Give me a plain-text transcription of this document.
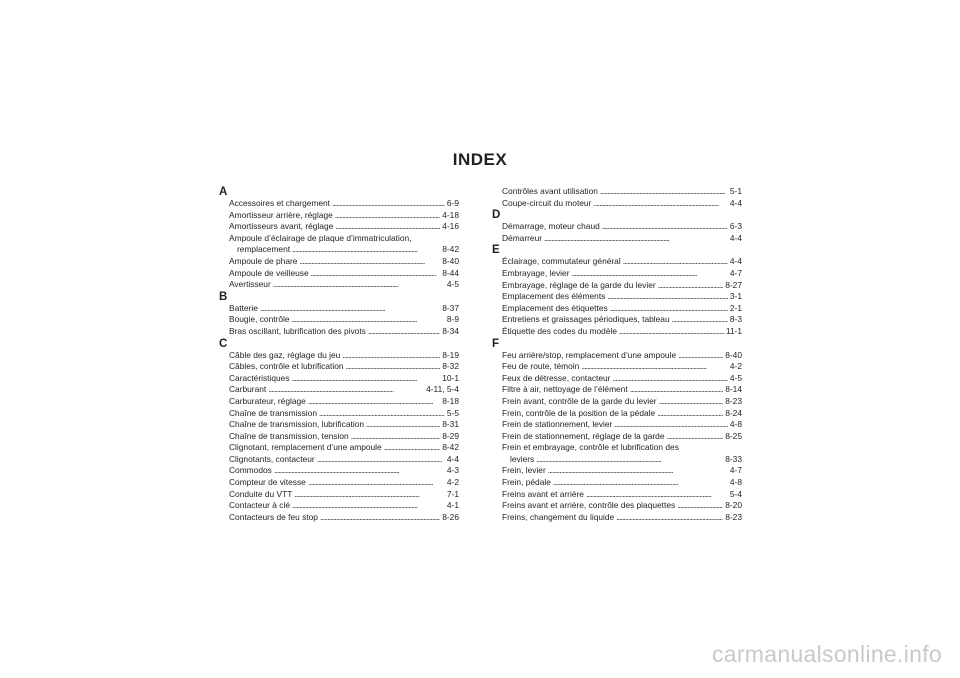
INDEX
A
Accessoires et chargement . . .	6-9
Amortisseur arrière, réglage . . .	4-18
Amortisseurs avant, réglage . . .	4-16
Ampoule d’éclairage de plaque d’immatriculation,
remplacement . . .	8-42
Ampoule de phare . . .	8-40
Ampoule de veilleuse . . .	8-44
Avertisseur . . .	4-5
B
Batterie . . .	8-37
Bougie, contrôle . . .	8-9
Bras oscillant, lubrification des pivots . . .	8-34
C
Câble des gaz, réglage du jeu . . .	8-19
Câbles, contrôle et lubrification . . .	8-32
Caractéristiques . . .	10-1
Carburant . . .	4-11, 5-4
Carburateur, réglage . . .	8-18
Chaîne de transmission . . .	5-5
Chaîne de transmission, lubrification . . .	8-31
Chaîne de transmission, tension . . .	8-29
Clignotant, remplacement d’une ampoule . . .	8-42
Clignotants, contacteur . . .	4-4
Commodos . . .	4-3
Compteur de vitesse . . .	4-2
Conduite du VTT . . .	7-1
Contacteur à clé . . .	4-1
Contacteurs de feu stop . . .	8-26
Contrôles avant utilisation . . .	5-1
Coupe-circuit du moteur . . .	4-4
D
Démarrage, moteur chaud . . .	6-3
Démarreur . . .	4-4
E
Éclairage, commutateur général . . .	4-4
Embrayage, levier . . .	4-7
Embrayage, réglage de la garde du levier . . .	8-27
Emplacement des éléments . . .	3-1
Emplacement des étiquettes . . .	2-1
Entretiens et graissages périodiques, tableau . . .	8-3
Étiquette des codes du modèle . . .	11-1
F
Feu arrière/stop, remplacement d’une ampoule . . .	8-40
Feu de route, témoin . . .	4-2
Feux de détresse, contacteur . . .	4-5
Filtre à air, nettoyage de l’élément . . .	8-14
Frein avant, contrôle de la garde du levier . . .	8-23
Frein, contrôle de la position de la pédale . . .	8-24
Frein de stationnement, levier . . .	4-8
Frein de stationnement, réglage de la garde . . .	8-25
Frein et embrayage, contrôle et lubrification des
leviers . . .	8-33
Frein, levier . . .	4-7
Frein, pédale . . .	4-8
Freins avant et arrière . . .	5-4
Freins avant et arrière, contrôle des plaquettes . . .	8-20
Freins, changement du liquide . . .	8-23
carmanualsonline.info
